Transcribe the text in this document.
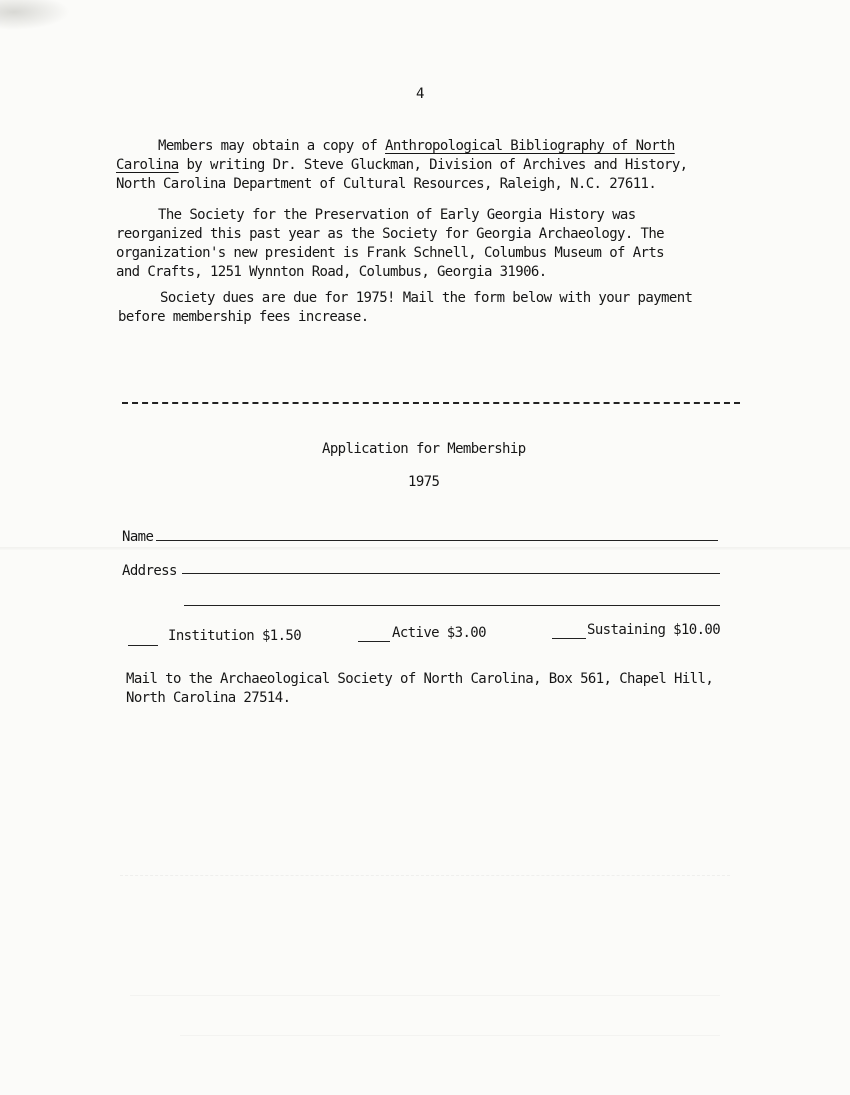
4
Members may obtain a copy of Anthropological Bibliography of North
Carolina by writing Dr. Steve Gluckman, Division of Archives and History,
North Carolina Department of Cultural Resources, Raleigh, N.C. 27611.
The Society for the Preservation of Early Georgia History was
reorganized this past year as the Society for Georgia Archaeology. The
organization's new president is Frank Schnell, Columbus Museum of Arts
and Crafts, 1251 Wynnton Road, Columbus, Georgia 31906.
Society dues are due for 1975! Mail the form below with your payment
before membership fees increase.
Application for Membership
1975
Name
Address
Institution $1.50	Active $3.00	Sustaining $10.00
Mail to the Archaeological Society of North Carolina, Box 561, Chapel Hill,
North Carolina 27514.
